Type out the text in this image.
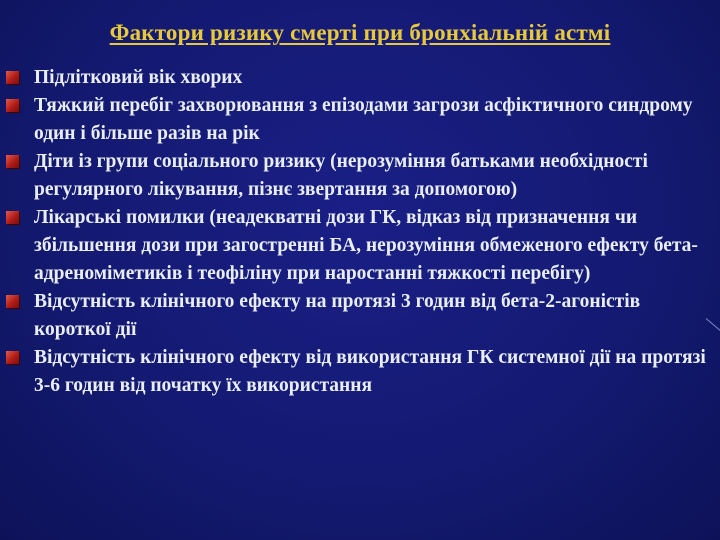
Фактори ризику смерті при бронхіальній астмі
Підлітковий вік хворих
Тяжкий перебіг захворювання з епізодами загрози асфіктичного синдрому один і більше разів на рік
Діти із групи соціального ризику (нерозуміння батьками необхідності регулярного лікування, пізнє звертання за допомогою)
Лікарські помилки (неадекватні дози ГК, відказ від призначення чи збільшення дози при загостренні БА, нерозуміння обмеженого ефекту бета-адреноміметиків і теофіліну при наростанні тяжкості перебігу)
Відсутність клінічного ефекту на протязі 3 годин від бета-2-агоністів короткої дії
Відсутність клінічного ефекту від використання ГК системної дії на протязі 3-6 годин від початку їх використання
